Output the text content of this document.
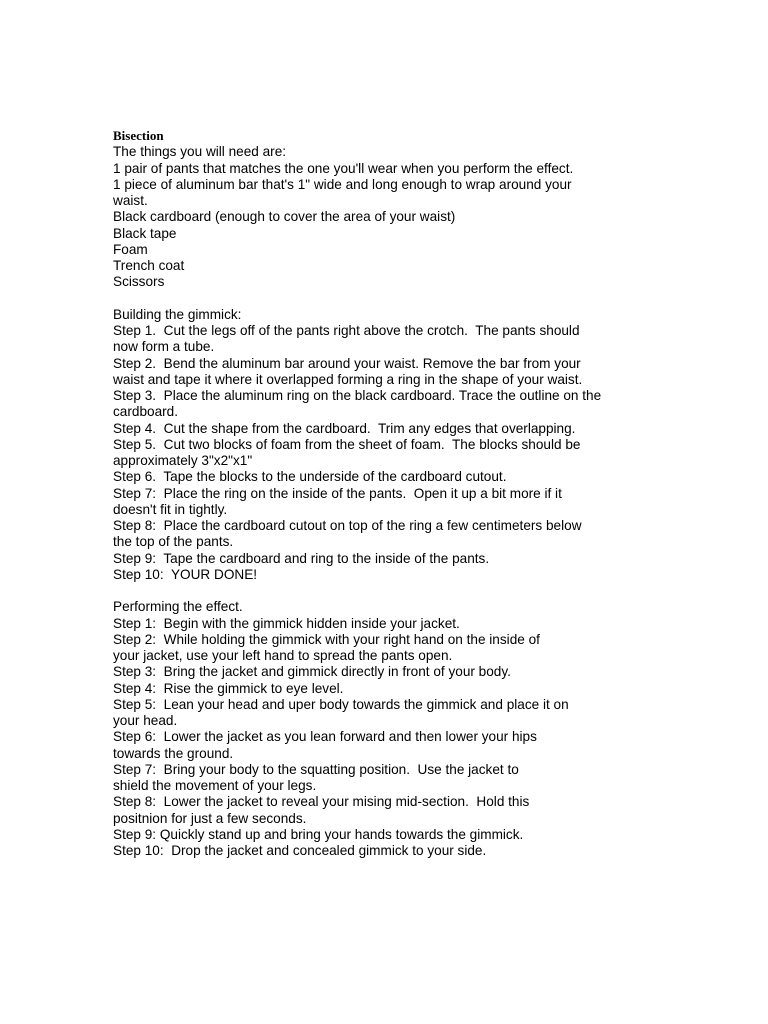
Bisection
The things you will need are:
1 pair of pants that matches the one you'll wear when you perform the effect.
1 piece of aluminum bar that's 1" wide and long enough to wrap around your
waist.
Black cardboard (enough to cover the area of your waist)
Black tape
Foam
Trench coat
Scissors
Building the gimmick:
Step 1.  Cut the legs off of the pants right above the crotch.  The pants should
now form a tube.
Step 2.  Bend the aluminum bar around your waist. Remove the bar from your
waist and tape it where it overlapped forming a ring in the shape of your waist.
Step 3.  Place the aluminum ring on the black cardboard. Trace the outline on the
cardboard.
Step 4.  Cut the shape from the cardboard.  Trim any edges that overlapping.
Step 5.  Cut two blocks of foam from the sheet of foam.  The blocks should be
approximately 3"x2"x1"
Step 6.  Tape the blocks to the underside of the cardboard cutout.
Step 7:  Place the ring on the inside of the pants.  Open it up a bit more if it
doesn't fit in tightly.
Step 8:  Place the cardboard cutout on top of the ring a few centimeters below
the top of the pants.
Step 9:  Tape the cardboard and ring to the inside of the pants.
Step 10:  YOUR DONE!
Performing the effect.
Step 1:  Begin with the gimmick hidden inside your jacket.
Step 2:  While holding the gimmick with your right hand on the inside of
your jacket, use your left hand to spread the pants open.
Step 3:  Bring the jacket and gimmick directly in front of your body.
Step 4:  Rise the gimmick to eye level.
Step 5:  Lean your head and uper body towards the gimmick and place it on
your head.
Step 6:  Lower the jacket as you lean forward and then lower your hips
towards the ground.
Step 7:  Bring your body to the squatting position.  Use the jacket to
shield the movement of your legs.
Step 8:  Lower the jacket to reveal your mising mid-section.  Hold this
positnion for just a few seconds.
Step 9: Quickly stand up and bring your hands towards the gimmick.
Step 10:  Drop the jacket and concealed gimmick to your side.
